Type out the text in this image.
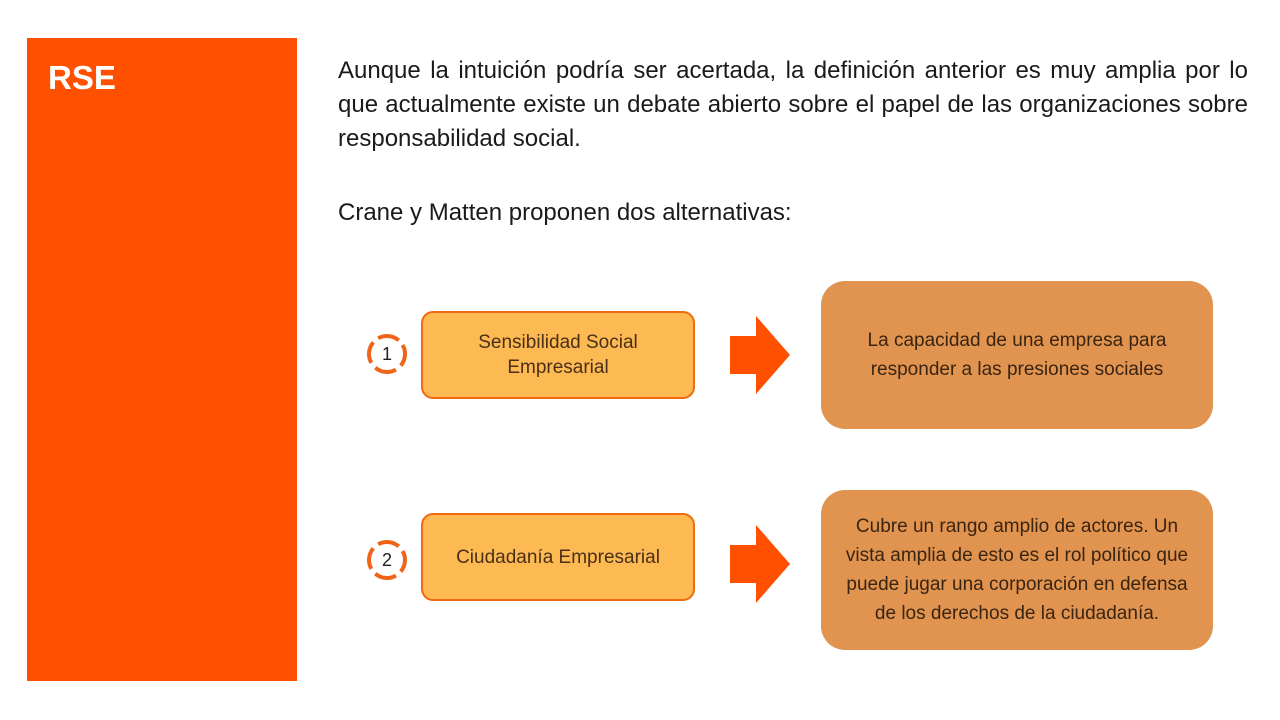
RSE	Aunque la intuición podría ser acertada, la definición anterior es muy amplia por lo que actualmente existe un debate abierto sobre el papel de las organizaciones sobre responsabilidad social.

Crane y Matten proponen dos alternativas:

1
Sensibilidad Social Empresarial
La capacidad de una empresa para responder a las presiones sociales
2	Ciudadanía Empresarial
Cubre un rango amplio de actores. Un vista amplia de esto es el rol político que puede jugar una corporación en defensa de los derechos de la ciudadanía.
